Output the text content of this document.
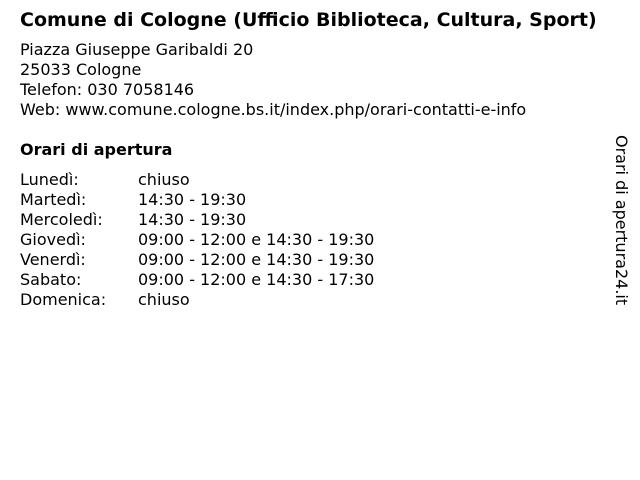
Comune di Cologne (Ufficio Biblioteca, Cultura, Sport)
Piazza Giuseppe Garibaldi 20
25033 Cologne
Telefon: 030 7058146
Web: www.comune.cologne.bs.it/index.php/orari-contatti-e-info
Orari di apertura
Lunedì:	chiuso
Martedì:	14:30 - 19:30
Mercoledì:	14:30 - 19:30
Giovedì:	09:00 - 12:00 e 14:30 - 19:30
Venerdì:	09:00 - 12:00 e 14:30 - 19:30
Sabato:	09:00 - 12:00 e 14:30 - 17:30
Domenica:	chiuso	Orari di apertura24.it
